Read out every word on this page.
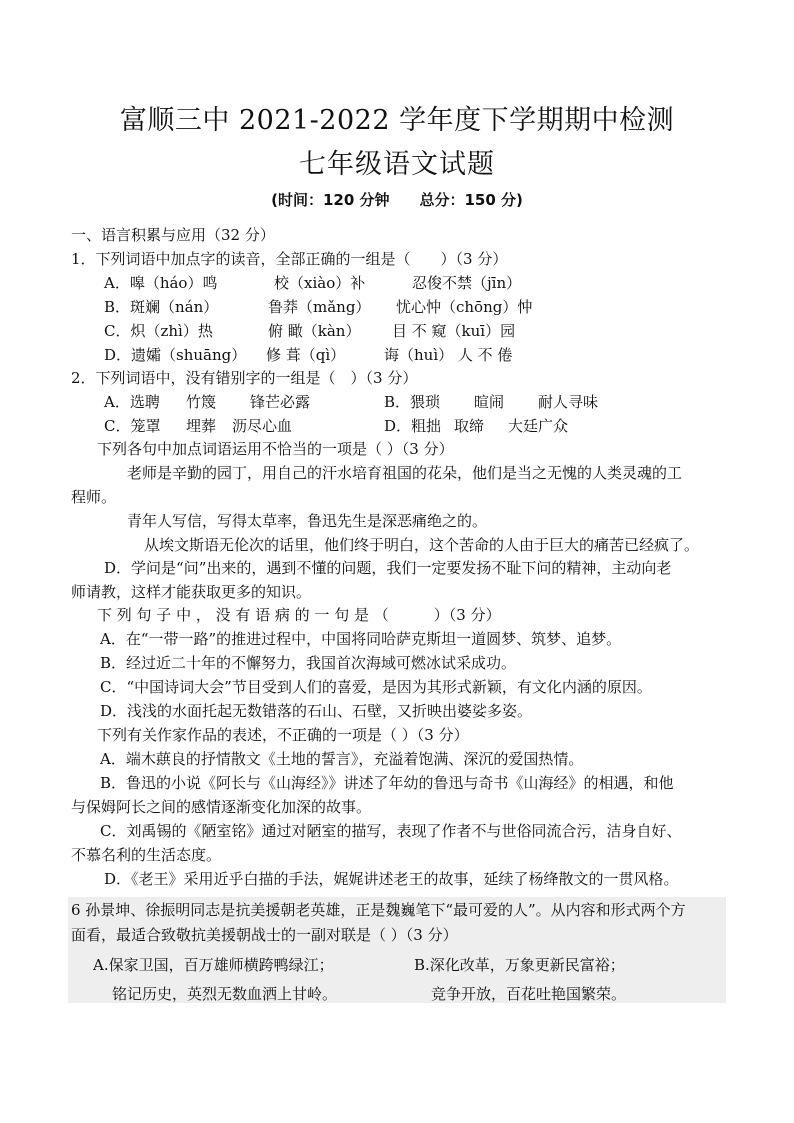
富顺三中 2021-2022 学年度下学期期中检测
七年级语文试题
(时间：120 分钟　　总分：150 分)
一、语言积累与应用（32 分）
1．下列词语中加点字的读音，全部正确的一组是（　　）（3 分）
A．嗥（háo）鸣	校（xiào）补	忍俊不禁（jīn）
B．斑斓（nán）	鲁莽（mǎng） 忧心忡（chōng）忡
C．炽（zhì）热	俯 瞰（kàn） 目 不 窥（kuī）园
D．遗孀（shuāng） 修 葺（qì）	诲（huì） 人 不 倦
2．下列词语中，没有错别字的一组是（　）（3 分）
A．选聘 竹篾 锋芒必露	B．猥琐 暄闹 耐人寻味
C．笼罩 埋葬 沥尽心血	D．粗拙 取缔 大廷广众
下列各句中加点词语运用不恰当的一项是（ ）（3 分）
老师是辛勤的园丁，用自己的汗水培育祖国的花朵，他们是当之无愧的人类灵魂的工
程师。
青年人写信，写得太草率，鲁迅先生是深恶痛绝之的。
从埃文斯语无伦次的话里，他们终于明白，这个苦命的人由于巨大的痛苦已经疯了。
D．学问是“问”出来的，遇到不懂的问题，我们一定要发扬不耻下问的精神，主动向老
师请教，这样才能获取更多的知识。
下 列 句 子 中 ， 没 有 语 病 的 一 句 是 （　　　）（3 分）
A．在“一带一路”的推进过程中，中国将同哈萨克斯坦一道圆梦、筑梦、追梦。
B．经过近二十年的不懈努力，我国首次海域可燃冰试采成功。
C．“中国诗词大会”节目受到人们的喜爱，是因为其形式新颖，有文化内涵的原因。
D．浅浅的水面托起无数错落的石山、石壁，又折映出婆娑多姿。
下列有关作家作品的表述，不正确的一项是（ ）（3 分）
A．端木蕻良的抒情散文《土地的誓言》，充溢着饱满、深沉的爱国热情。
B．鲁迅的小说《阿长与《山海经》》讲述了年幼的鲁迅与奇书《山海经》的相遇，和他
与保姆阿长之间的感情逐渐变化加深的故事。
C．刘禹锡的《陋室铭》通过对陋室的描写，表现了作者不与世俗同流合污，洁身自好、
不慕名利的生活态度。
D．《老王》采用近乎白描的手法，娓娓讲述老王的故事，延续了杨绛散文的一贯风格。
6 孙景坤、徐振明同志是抗美援朝老英雄，正是魏巍笔下“最可爱的人”。从内容和形式两个方
面看，最适合致敬抗美援朝战士的一副对联是（ ）（3 分）
A.保家卫国，百万雄师横跨鸭绿江；	B.深化改革，万象更新民富裕；
铭记历史，英烈无数血洒上甘岭。	竞争开放，百花吐艳国繁荣。
